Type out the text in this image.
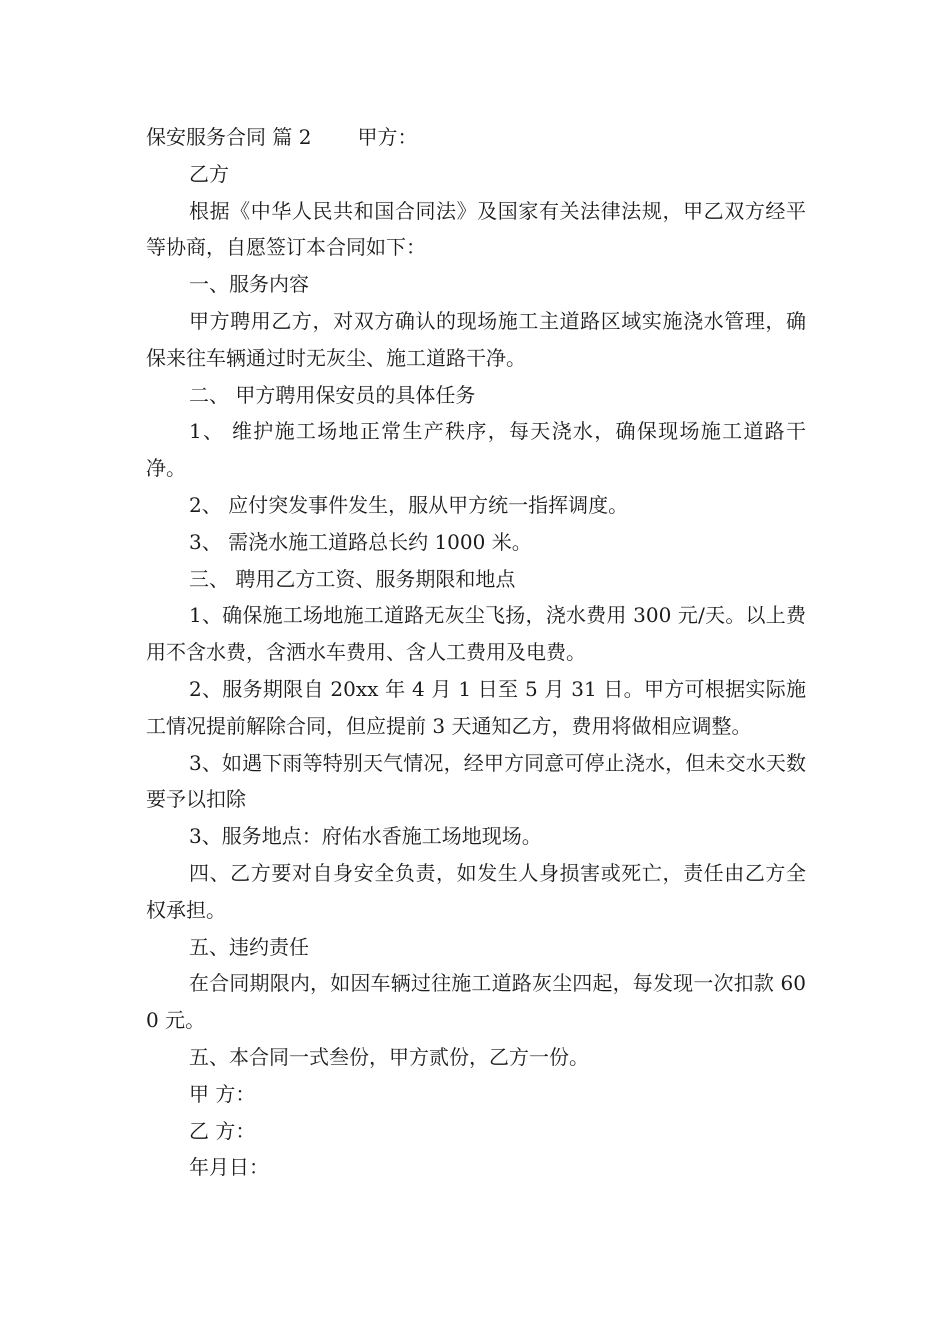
保安服务合同 篇 2 甲方：

乙方

根据《中华人民共和国合同法》及国家有关法律法规，甲乙双方经平等协商，自愿签订本合同如下：

一、服务内容

甲方聘用乙方，对双方确认的现场施工主道路区域实施浇水管理，确保来往车辆通过时无灰尘、施工道路干净。

二、 甲方聘用保安员的具体任务

1、 维护施工场地正常生产秩序，每天浇水，确保现场施工道路干净。

2、 应付突发事件发生，服从甲方统一指挥调度。

3、 需浇水施工道路总长约 1000 米。

三、 聘用乙方工资、服务期限和地点

1、确保施工场地施工道路无灰尘飞扬，浇水费用 300 元/天。以上费用不含水费，含洒水车费用、含人工费用及电费。

2、服务期限自 20xx 年 4 月 1 日至 5 月 31 日。甲方可根据实际施工情况提前解除合同，但应提前 3 天通知乙方，费用将做相应调整。

3、如遇下雨等特别天气情况，经甲方同意可停止浇水，但未交水天数要予以扣除

3、服务地点：府佑水香施工场地现场。

四、乙方要对自身安全负责，如发生人身损害或死亡，责任由乙方全权承担。

五、违约责任

在合同期限内，如因车辆过往施工道路灰尘四起，每发现一次扣款 600 元。

五、本合同一式叁份，甲方贰份，乙方一份。

甲 方：

乙 方：

年月日：
